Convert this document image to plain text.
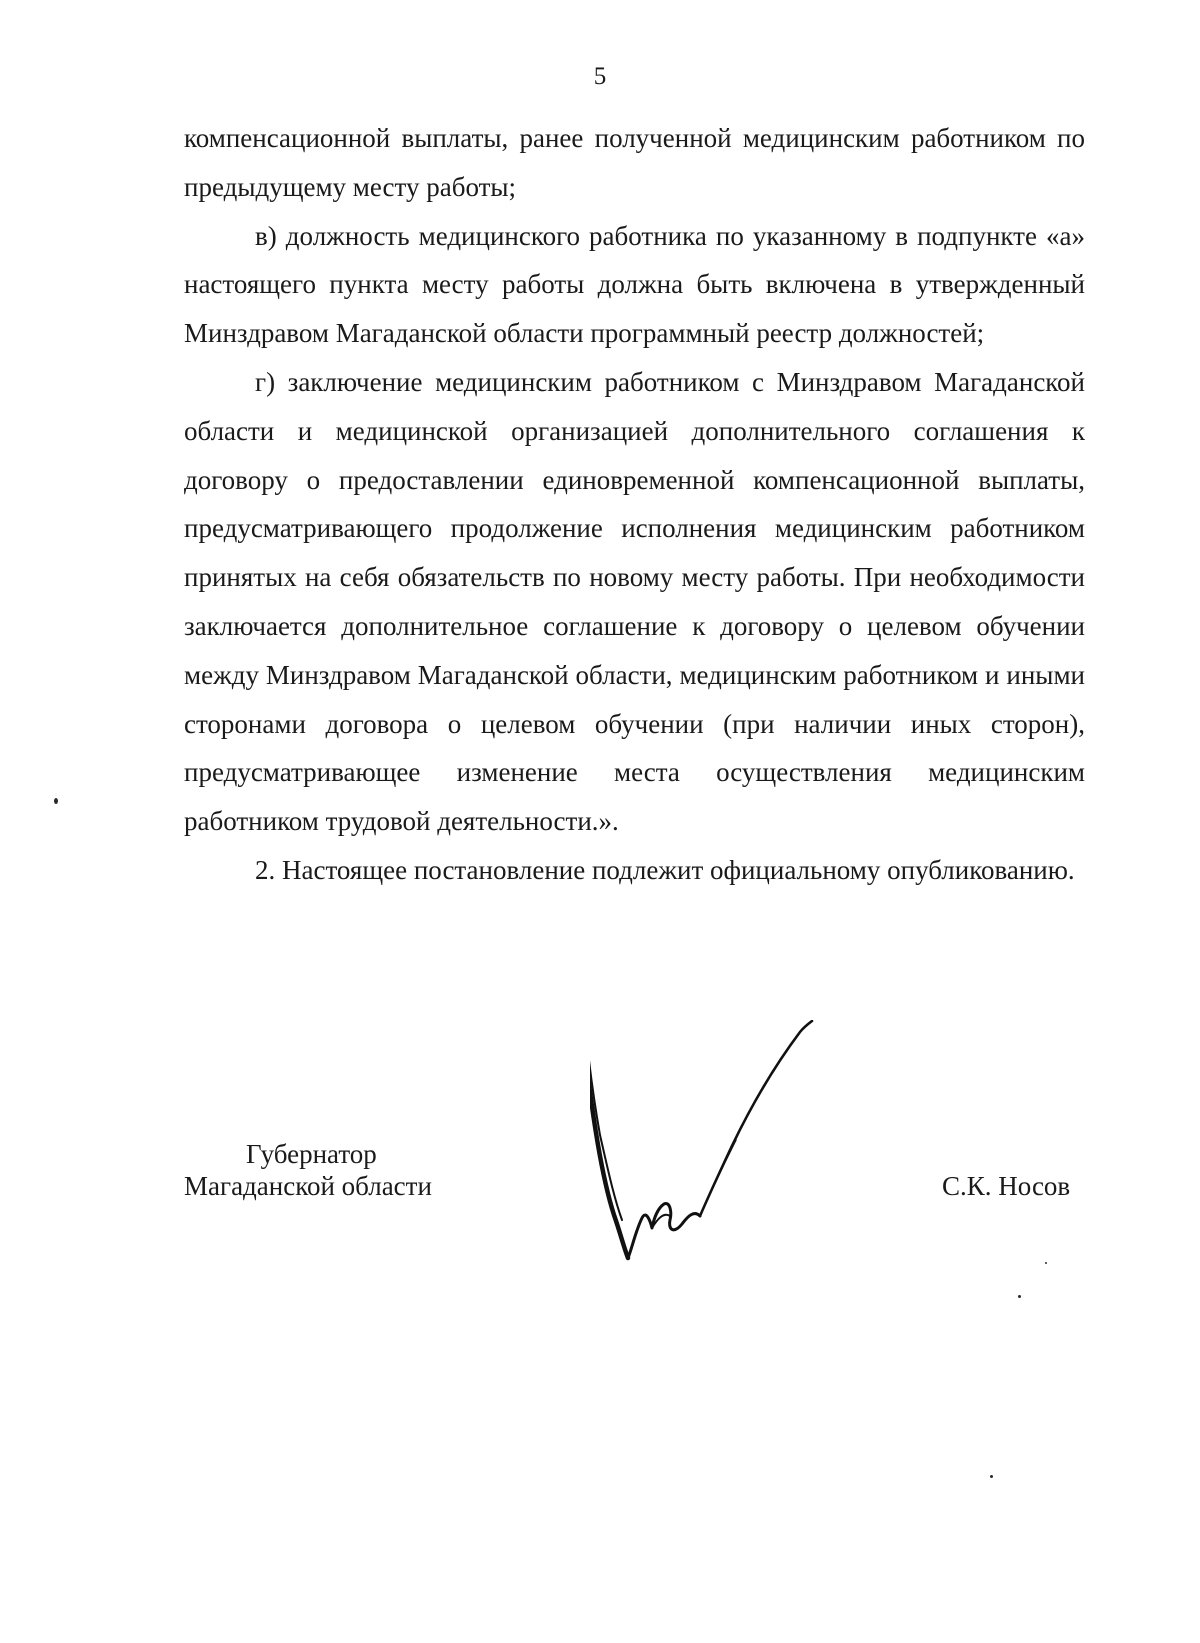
5

компенсационной выплаты, ранее полученной медицинским работником по предыдущему месту работы;

в) должность медицинского работника по указанному в подпункте «а» настоящего пункта месту работы должна быть включена в утвержденный Минздравом Магаданской области программный реестр должностей;

г) заключение медицинским работником с Минздравом Магаданской области и медицинской организацией дополнительного соглашения к договору о предоставлении единовременной компенсационной выплаты, предусматривающего продолжение исполнения медицинским работником принятых на себя обязательств по новому месту работы. При необходимости заключается дополнительное соглашение к договору о целевом обучении между Минздравом Магаданской области, медицинским работником и иными сторонами договора о целевом обучении (при наличии иных сторон), предусматривающее изменение места осуществления медицинским работником трудовой деятельности.».

2. Настоящее постановление подлежит официальному опубликованию.

Губернатор
Магаданской области	С.К. Носов
